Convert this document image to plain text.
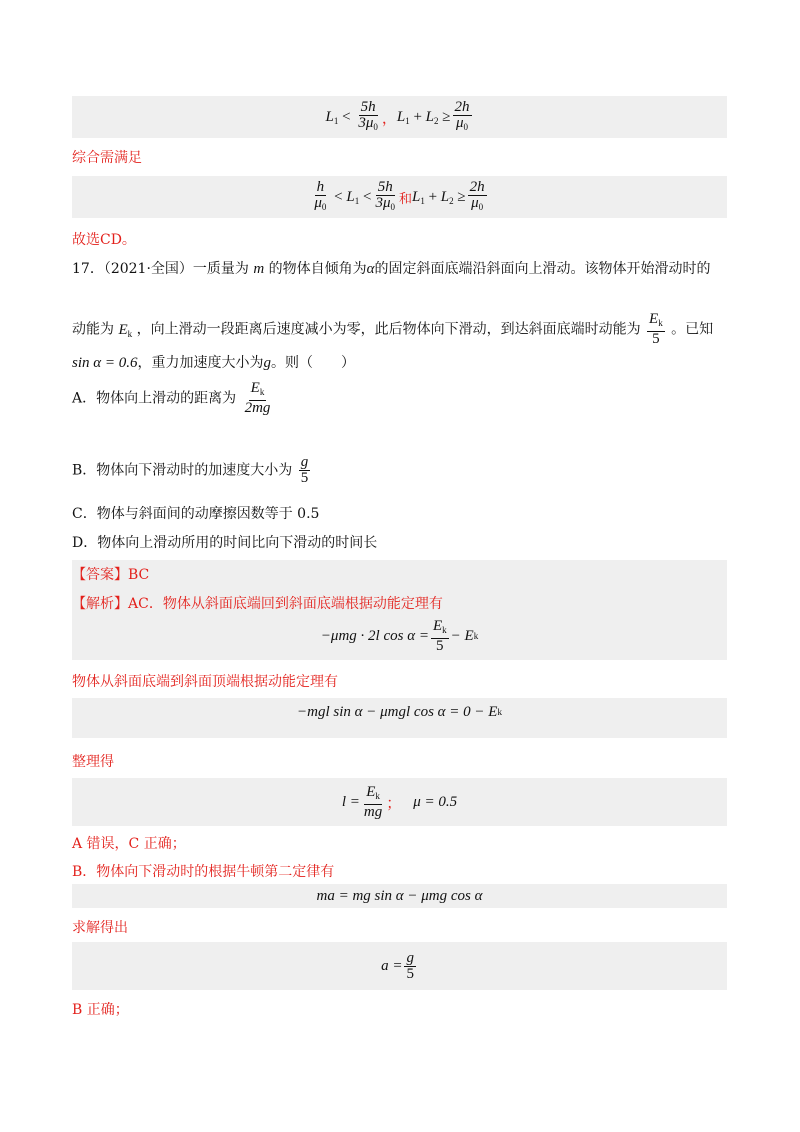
$L_1$
<
$\frac{5h}{3\mu_0}$ ， $L_1$
+
$L_2$
≥ $\frac{2h}{\mu_0}$
综合需满足
$\frac{h}{\mu_0}$
<
$L_1$
< $\frac{5h}{3\mu_0}$ 和 $L_1$
+
$L_2$
≥ $\frac{2h}{\mu_0}$
故选CD。
17．（2021·全国）一质量为 m 的物体自倾角为α的固定斜面底端沿斜面向上滑动。该物体开始滑动时的
动能为 $E_k$ ，向上滑动一段距离后速度减小为零，此后物体向下滑动，到达斜面底端时动能为 $\frac{E_k}{5}$ 。已知
sin α = 0.6，重力加速度大小为g。则（　　）
A．物体向上滑动的距离为 $\frac{E_k}{2mg}$
B．物体向下滑动时的加速度大小为 $\frac{g}{5}$
C．物体与斜面间的动摩擦因数等于 0.5
D．物体向上滑动所用的时间比向下滑动的时间长
【答案】BC
【解析】AC．物体从斜面底端回到斜面底端根据动能定理有
−μmg · 2l $\cos \alpha = \frac{E_k}{5} - E$ k
物体从斜面底端到斜面顶端根据动能定理有
−mgl sin α − μmgl cos α = 0 − E k
整理得
$l = \frac{E_k}{mg}$ ； μ = 0.5
A 错误，C 正确；
B．物体向下滑动时的根据牛顿第二定律有
ma = mg sin α − μmg cos α
求解得出
$a = \frac{g}{5}$
B 正确；
